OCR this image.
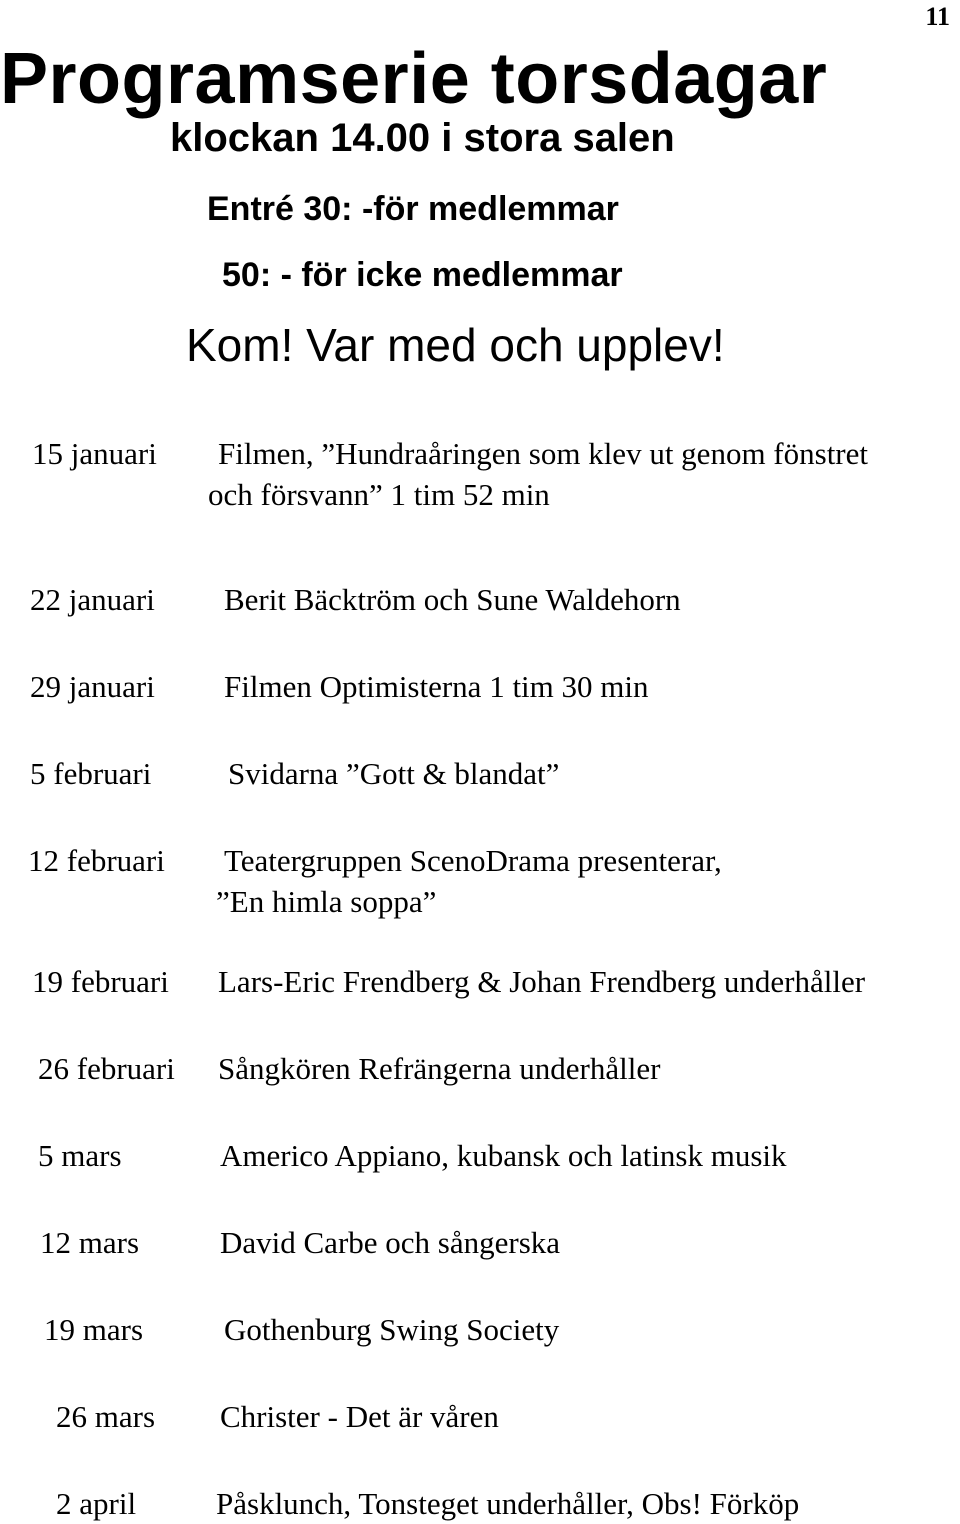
11
Programserie torsdagar
klockan 14.00 i stora salen
Entré 30: -för medlemmar
50: - för icke medlemmar
Kom! Var med och upplev!
15 januari Filmen, ”Hundraåringen som klev ut genom fönstret
och försvann” 1 tim 52 min
22 januari Berit Bäcktröm och Sune Waldehorn
29 januari Filmen Optimisterna 1 tim 30 min
5 februari Svidarna ”Gott & blandat”
12 februari Teatergruppen ScenoDrama presenterar,
”En himla soppa”
19 februari Lars-Eric Frendberg & Johan Frendberg underhåller
26 februari Sångkören Refrängerna underhåller
5 mars	Americo Appiano, kubansk och latinsk musik
12 mars	David Carbe och sångerska
19 mars	Gothenburg Swing Society
26 mars Christer - Det är våren
2 april	Påsklunch, Tonsteget underhåller, Obs! Förköp
